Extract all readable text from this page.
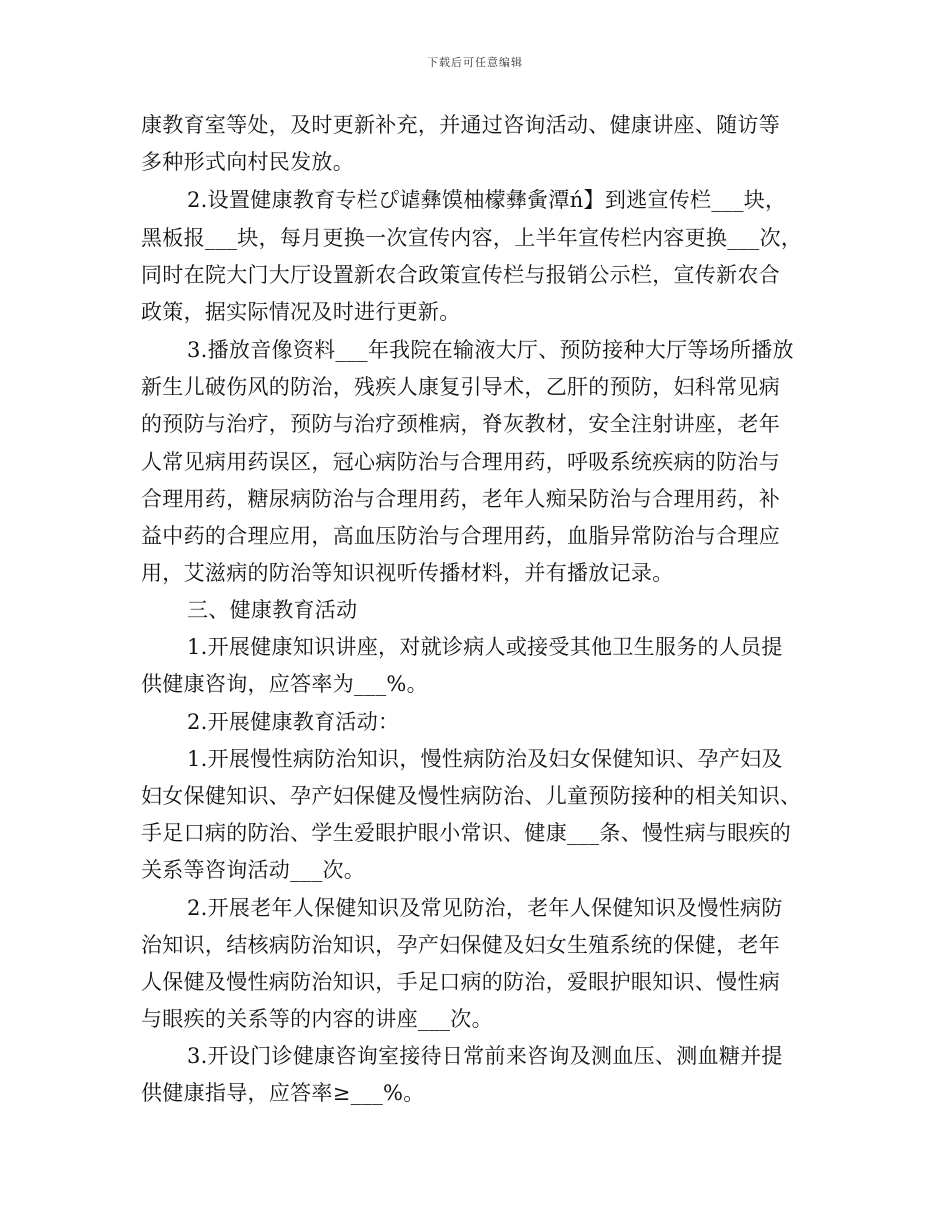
下载后可任意编辑
康教育室等处，及时更新补充，并通过咨询活动、健康讲座、随访等
多种形式向村民发放。
2.设置健康教育专栏ぴ谑彝馍柚檬彝夤潭ń】到逃宣传栏___块，
黑板报___块，每月更换一次宣传内容，上半年宣传栏内容更换___次，
同时在院大门大厅设置新农合政策宣传栏与报销公示栏，宣传新农合
政策，据实际情况及时进行更新。
3.播放音像资料___年我院在输液大厅、预防接种大厅等场所播放
新生儿破伤风的防治，残疾人康复引导术，乙肝的预防，妇科常见病
的预防与治疗，预防与治疗颈椎病，脊灰教材，安全注射讲座，老年
人常见病用药误区，冠心病防治与合理用药，呼吸系统疾病的防治与
合理用药，糖尿病防治与合理用药，老年人痴呆防治与合理用药，补
益中药的合理应用，高血压防治与合理用药，血脂异常防治与合理应
用，艾滋病的防治等知识视听传播材料，并有播放记录。
三、健康教育活动
1.开展健康知识讲座，对就诊病人或接受其他卫生服务的人员提
供健康咨询，应答率为___%。
2.开展健康教育活动：
1.开展慢性病防治知识，慢性病防治及妇女保健知识、孕产妇及
妇女保健知识、孕产妇保健及慢性病防治、儿童预防接种的相关知识、
手足口病的防治、学生爱眼护眼小常识、健康___条、慢性病与眼疾的
关系等咨询活动___次。
2.开展老年人保健知识及常见防治，老年人保健知识及慢性病防
治知识，结核病防治知识，孕产妇保健及妇女生殖系统的保健，老年
人保健及慢性病防治知识，手足口病的防治，爱眼护眼知识、慢性病
与眼疾的关系等的内容的讲座___次。
3.开设门诊健康咨询室接待日常前来咨询及测血压、测血糖并提
供健康指导，应答率≥___%。
